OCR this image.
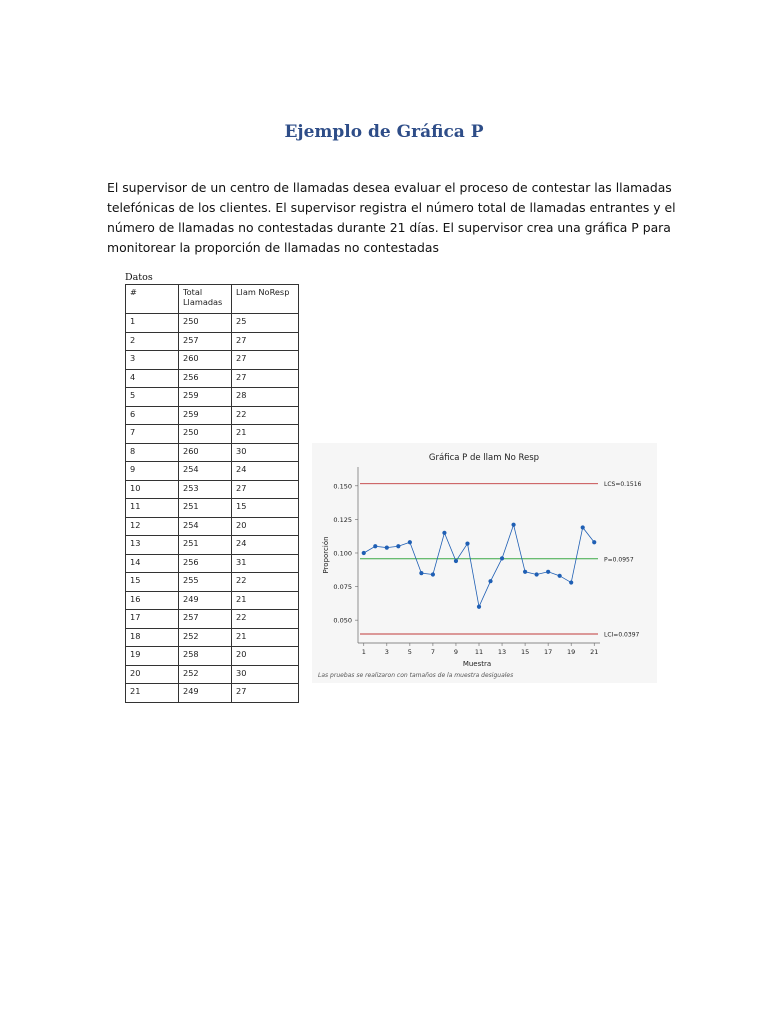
Ejemplo de Gráfica P
El supervisor de un centro de llamadas desea evaluar el proceso de contestar las llamadas
telefónicas de los clientes. El supervisor registra el número total de llamadas entrantes y el
número de llamadas no contestadas durante 21 días. El supervisor crea una gráfica P para
monitorear la proporción de llamadas no contestadas
Datos
#	Total Llamadas	Llam NoResp
1	250	25
2	257	27
3	260	27
4	256	27
5	259	28
6	259	22
7	250	21
8	260	30
9	254	24
10	253	27
11	251	15
12	254	20
13	251	24
14	256	31
15	255	22
16	249	21
17	257	22
18	252	21
19	258	20
20	252	30
21	249	27
Gráfica P de llam No Resp
Proporción
Muestra
Las pruebas se realizaron con tamaños de la muestra desiguales
0.150
0.125
0.100
0.075
0.050
1	3	5	7	9	11 13 15 17 19 21
LCS=0.1516
P=0.0957
LCI=0.0397
